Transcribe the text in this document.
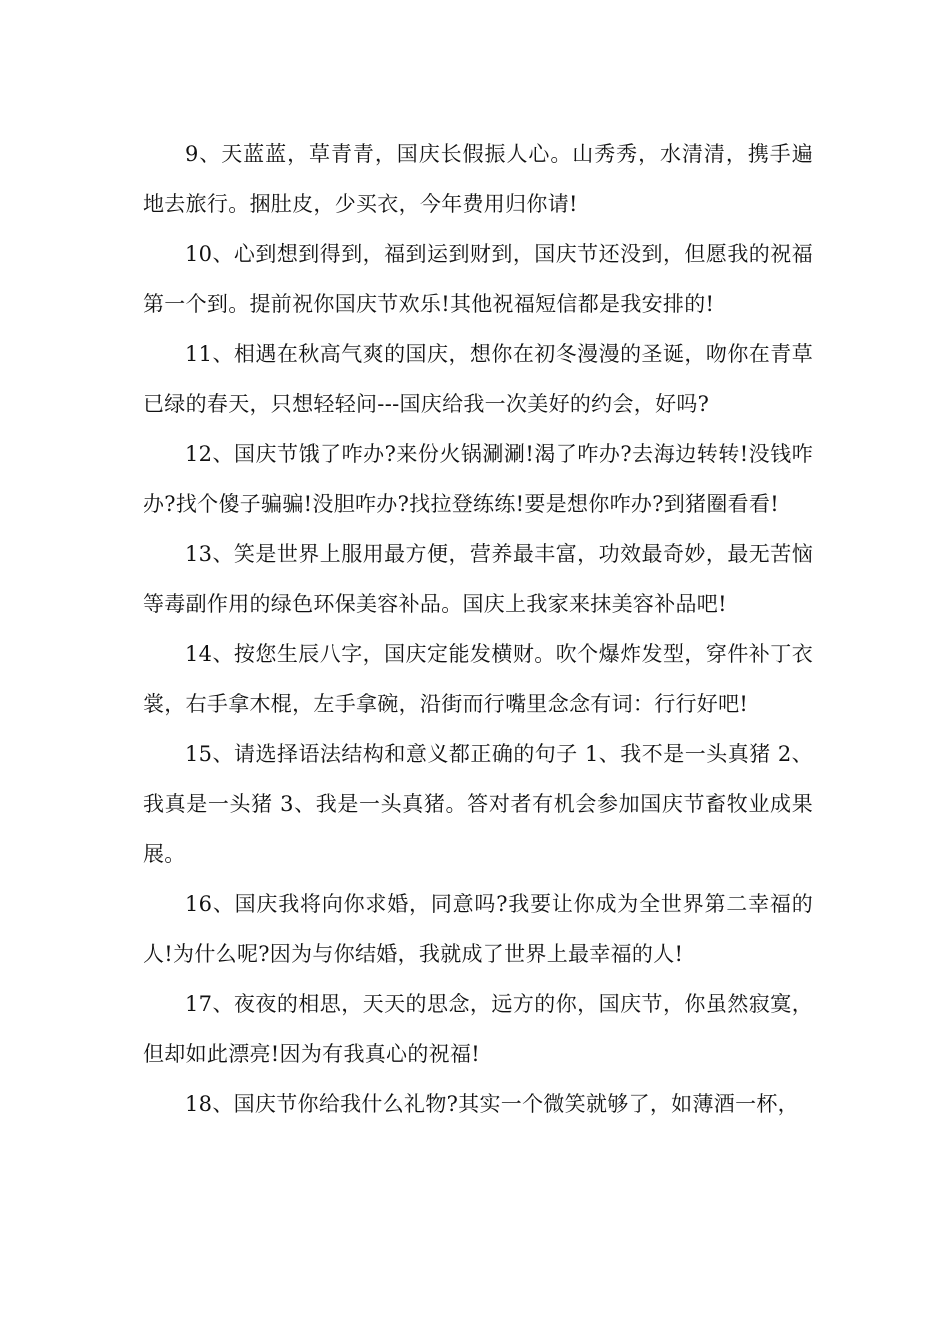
9、天蓝蓝，草青青，国庆长假振人心。山秀秀，水清清，携手遍地去旅行。捆肚皮，少买衣，今年费用归你请!

10、心到想到得到，福到运到财到，国庆节还没到，但愿我的祝福第一个到。提前祝你国庆节欢乐!其他祝福短信都是我安排的!

11、相遇在秋高气爽的国庆，想你在初冬漫漫的圣诞，吻你在青草已绿的春天，只想轻轻问---国庆给我一次美好的约会，好吗?

12、国庆节饿了咋办?来份火锅涮涮!渴了咋办?去海边转转!没钱咋办?找个傻子骗骗!没胆咋办?找拉登练练!要是想你咋办?到猪圈看看!

13、笑是世界上服用最方便，营养最丰富，功效最奇妙，最无苦恼等毒副作用的绿色环保美容补品。国庆上我家来抹美容补品吧!

14、按您生辰八字，国庆定能发横财。吹个爆炸发型，穿件补丁衣裳，右手拿木棍，左手拿碗，沿街而行嘴里念念有词：行行好吧!

15、请选择语法结构和意义都正确的句子 1、我不是一头真猪 2、我真是一头猪 3、我是一头真猪。答对者有机会参加国庆节畜牧业成果展。

16、国庆我将向你求婚，同意吗?我要让你成为全世界第二幸福的人!为什么呢?因为与你结婚，我就成了世界上最幸福的人!

17、夜夜的相思，天天的思念，远方的你，国庆节，你虽然寂寞，但却如此漂亮!因为有我真心的祝福!

18、国庆节你给我什么礼物?其实一个微笑就够了，如薄酒一杯，
